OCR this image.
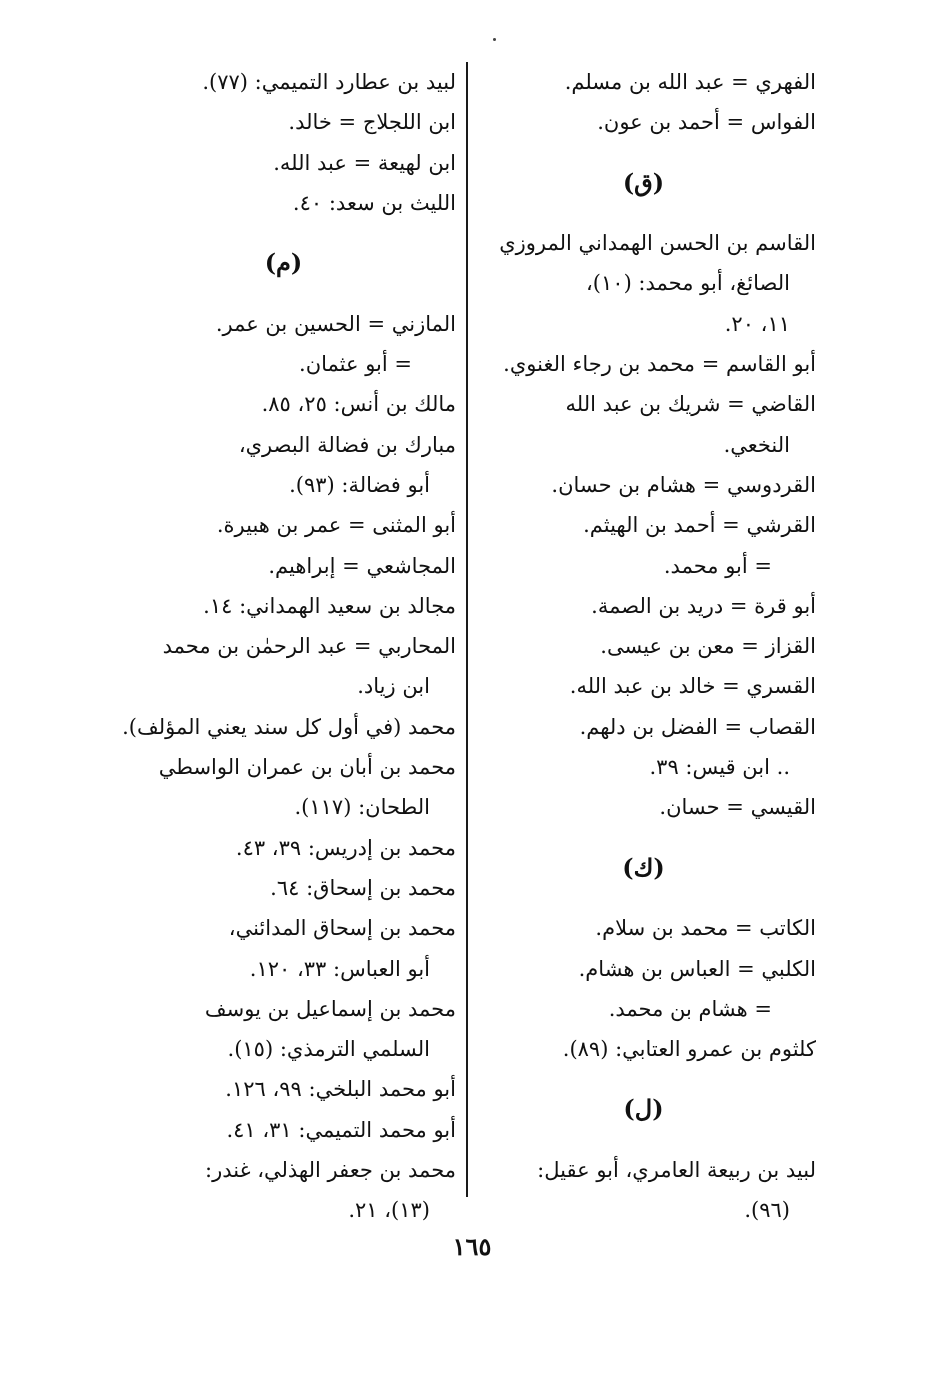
الفهري = عبد الله بن مسلم.

الفواس = أحمد بن عون.

(ق)

القاسم بن الحسن الهمداني المروزي

الصائغ، أبو محمد: (١٠)،

١١، ٢٠.

أبو القاسم = محمد بن رجاء الغنوي.

القاضي = شريك بن عبد الله

النخعي.

القردوسي = هشام بن حسان.

القرشي = أحمد بن الهيثم.

= أبو محمد.

أبو قرة = دريد بن الصمة.

القزاز = معن بن عيسى.

القسري = خالد بن عبد الله.

القصاب = الفضل بن دلهم.

.. ابن قيس: ٣٩.

القيسي = حسان.

(ك)

الكاتب = محمد بن سلام.

الكلبي = العباس بن هشام.

= هشام بن محمد.

كلثوم بن عمرو العتابي: (٨٩).

(ل)

لبيد بن ربيعة العامري، أبو عقيل:

(٩٦).

لبيد بن عطارد التميمي: (٧٧).

ابن اللجلاج = خالد.

ابن لهيعة = عبد الله.

الليث بن سعد: ٤٠.

(م)

المازني = الحسين بن عمر.

= أبو عثمان.

مالك بن أنس: ٢٥، ٨٥.

مبارك بن فضالة البصري،

أبو فضالة: (٩٣).

أبو المثنى = عمر بن هبيرة.

المجاشعي = إبراهيم.

مجالد بن سعيد الهمداني: ١٤.

المحاربي = عبد الرحمٰن بن محمد

ابن زياد.

محمد (في أول كل سند يعني المؤلف).

محمد بن أبان بن عمران الواسطي

الطحان: (١١٧).

محمد بن إدريس: ٣٩، ٤٣.

محمد بن إسحاق: ٦٤.

محمد بن إسحاق المدائني،

أبو العباس: ٣٣، ١٢٠.

محمد بن إسماعيل بن يوسف

السلمي الترمذي: (١٥).

أبو محمد البلخي: ٩٩، ١٢٦.

أبو محمد التميمي: ٣١، ٤١.

محمد بن جعفر الهذلي، غندر:

(١٣)، ٢١.

١٦٥
